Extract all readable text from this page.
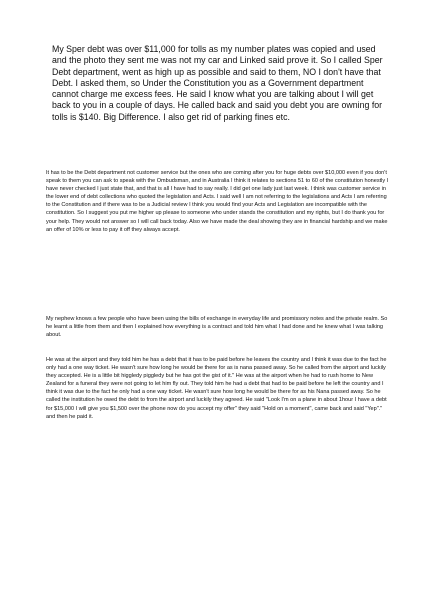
My Sper debt was over $11,000 for tolls as my number plates was copied and used and the photo they sent me was not my car and Linked said prove it. So I called Sper Debt department, went as high up as possible and said to them, NO I don't have that Debt. I asked them, so Under the Constitution you as a Government department cannot charge me excess fees. He said I know what you are talking about I will get back to you in a couple of days. He called back and said you debt you are owning for tolls is $140. Big Difference. I also get rid of parking fines etc.

It has to be the Debt department not customer service but the ones who are coming after you for huge debts over $10,000 even if you don't speak to them you can ask to speak with the Ombudsman, and in Australia I think it relates to sections 51 to 60 of the constitution honestly I have never checked I just state that, and that is all I have had to say really. I did get one lady just last week. I think was customer service in the lower end of debt collections who quoted the legislation and Acts. I said well I am not referring to the legislations and Acts I am referring to the Constitution and if there was to be a Judicial review I think you would find your Acts and Legislation are incompatible with the constitution. So I suggest you put me higher up please to someone who under stands the constitution and my rights, but I do thank you for your help. They would not answer so I will call back today. Also we have made the deal showing they are in financial hardship and we make an offer of 10% or less to pay it off they always accept.

My nephew knows a few people who have been using the bills of exchange in everyday life and promissory notes and the private realm. So he learnt a little from them and then I explained how everything is a contract and told him what I had done and he knew what I was talking about.

He was at the airport and they told him he has a debt that it has to be paid before he leaves the country and I think it was due to the fact he only had a one way ticket. He wasn't sure how long he would be there for as is nana passed away. So he called from the airport and luckily they accepted. He is a little bit higgledy piggledy but he has got the gist of it." He was at the airport when he had to rush home to New Zealand for a funeral they were not going to let him fly out. They told him he had a debt that had to be paid before he left the country and I think it was due to the fact he only had a one way ticket. He wasn't sure how long he would be there for as his Nana passed away. So he called the institution he owed the debt to from the airport and luckily they agreed. He said "Look I'm on a plane in about 1hour I have a debt for $15,000 I will give you $1,500 over the phone now do you accept my offer" they said "Hold on a moment", came back and said "Yep"." and then he paid it.
